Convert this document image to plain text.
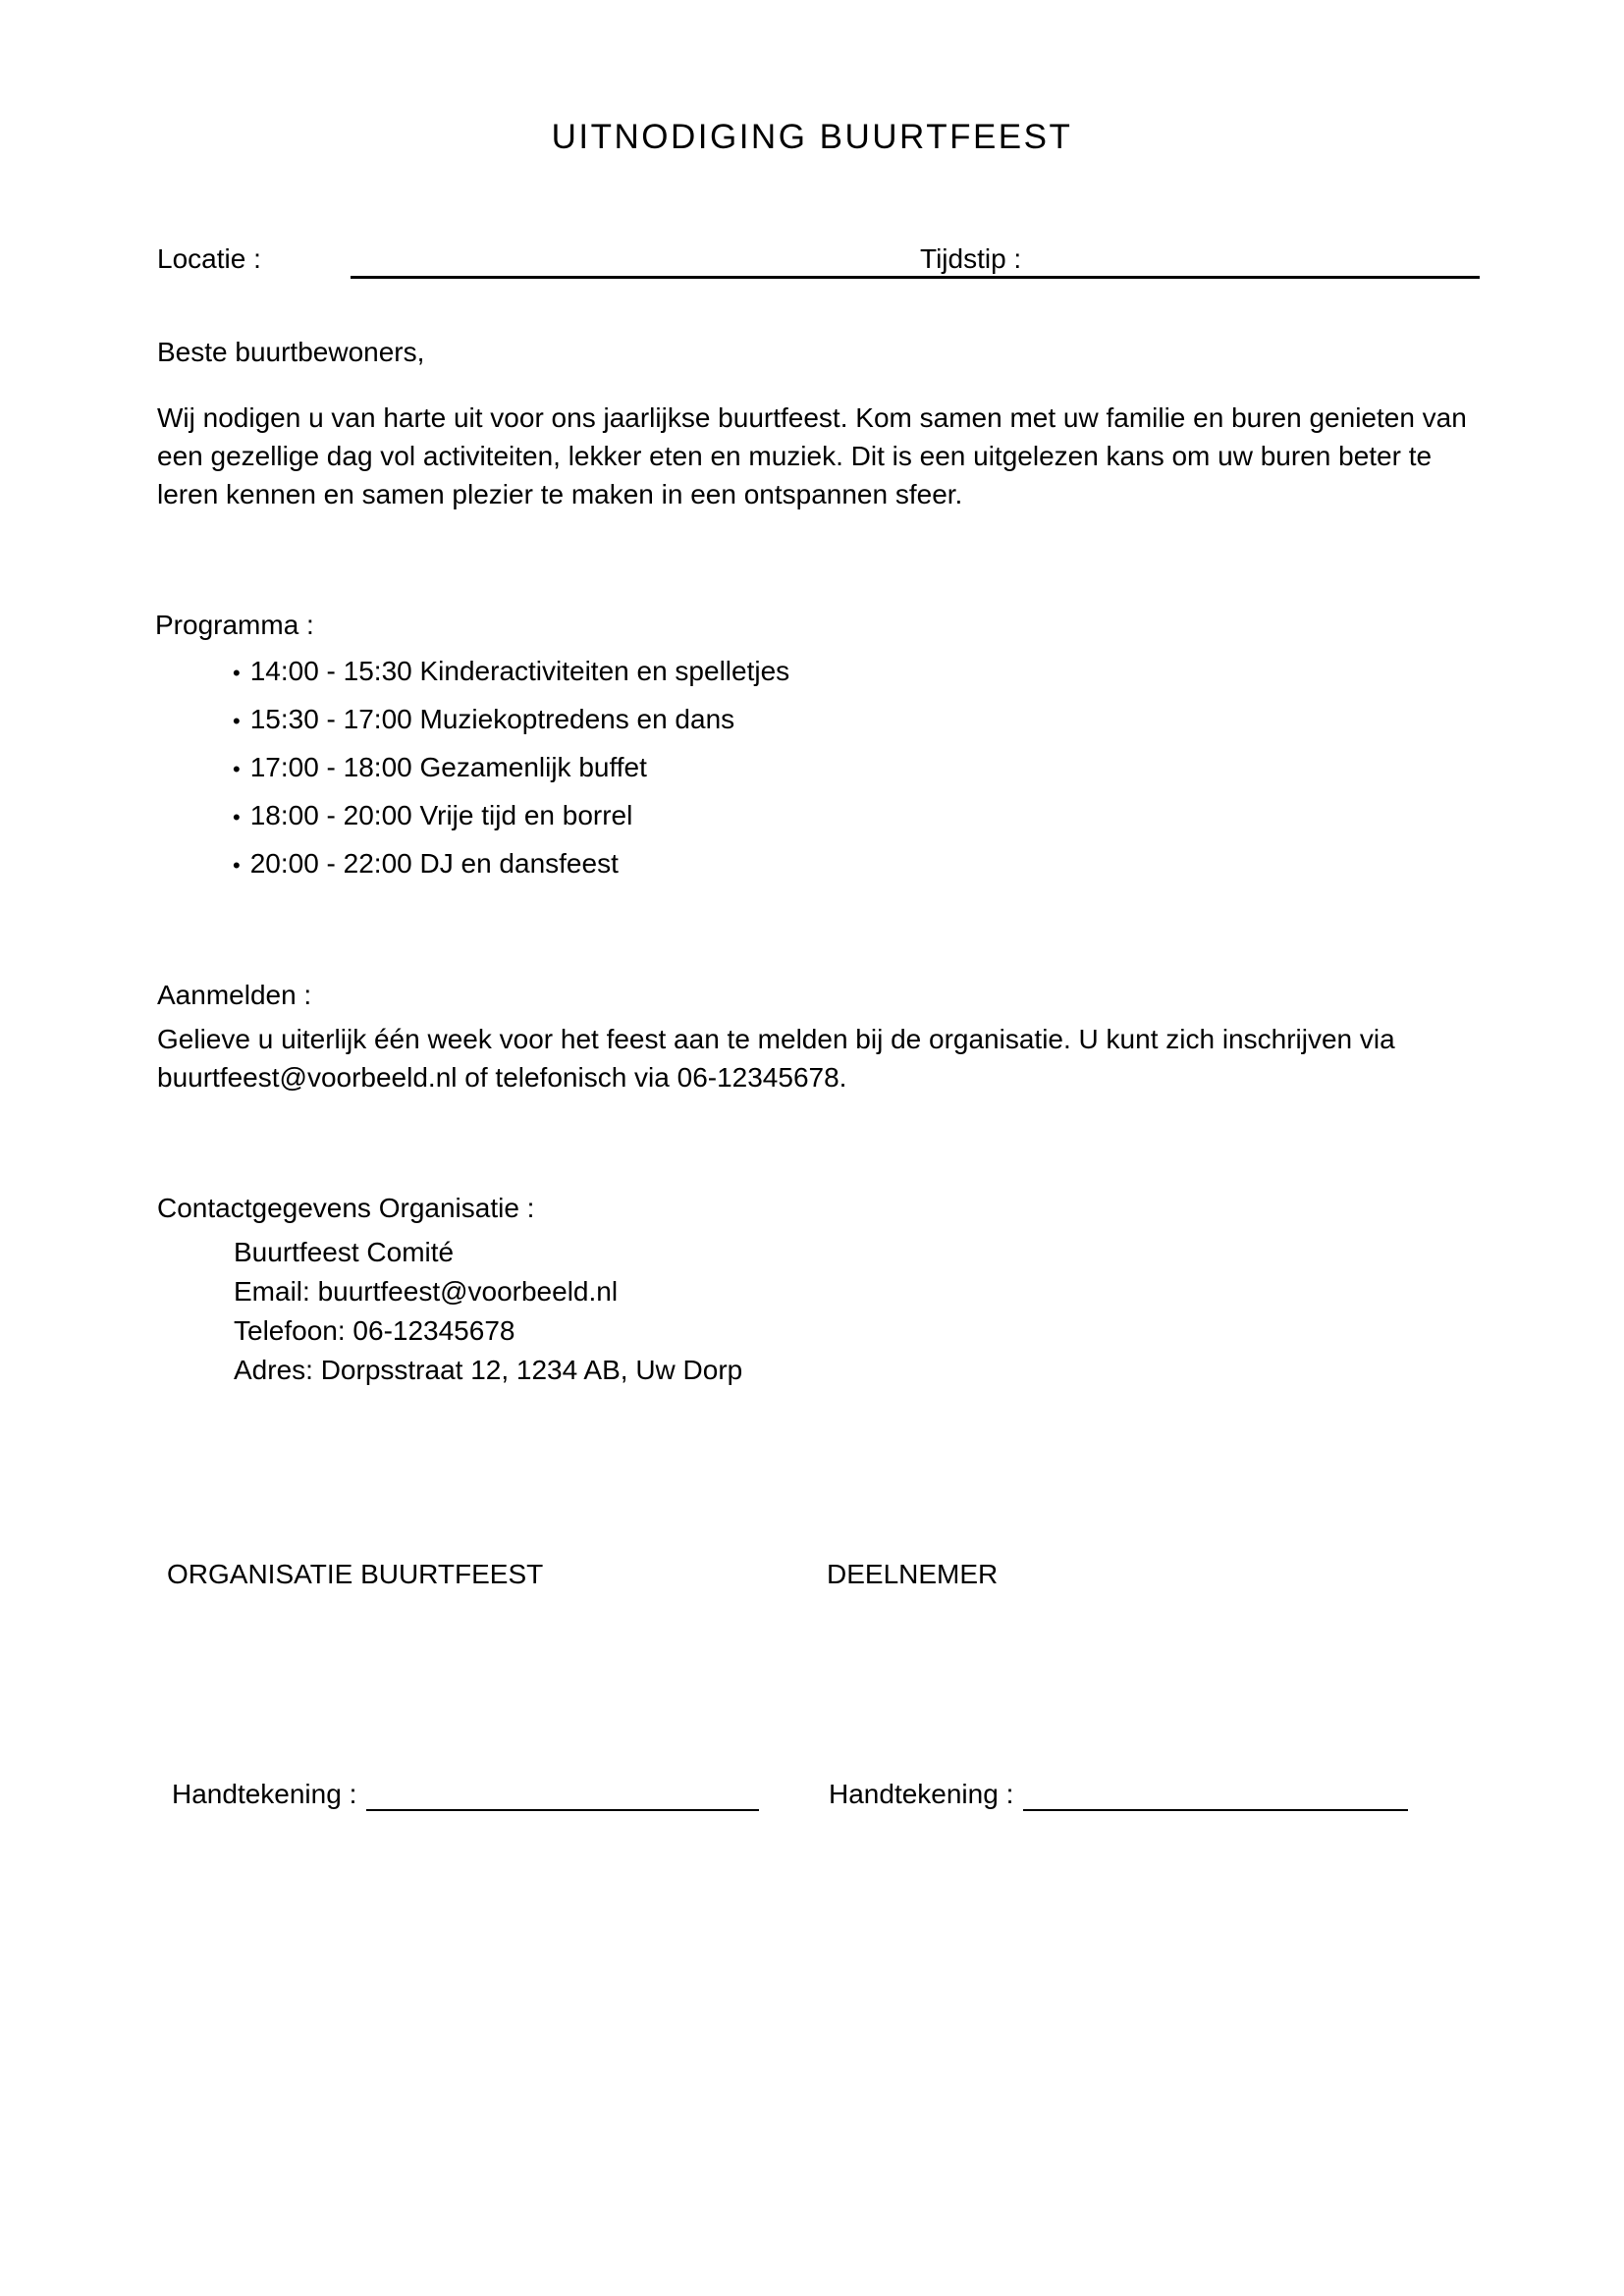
UITNODIGING BUURTFEEST
Locatie :	Tijdstip :
Beste buurtbewoners,

Wij nodigen u van harte uit voor ons jaarlijkse buurtfeest. Kom samen met uw familie en buren genieten van een gezellige dag vol activiteiten, lekker eten en muziek. Dit is een uitgelezen kans om uw buren beter te leren kennen en samen plezier te maken in een ontspannen sfeer.

Programma :
• 14:00 - 15:30 Kinderactiviteiten en spelletjes
• 15:30 - 17:00 Muziekoptredens en dans
• 17:00 - 18:00 Gezamenlijk buffet
• 18:00 - 20:00 Vrije tijd en borrel
• 20:00 - 22:00 DJ en dansfeest
Aanmelden :

Gelieve u uiterlijk één week voor het feest aan te melden bij de organisatie. U kunt zich inschrijven via buurtfeest@voorbeeld.nl of telefonisch via 06-12345678.

Contactgegevens Organisatie :
Buurtfeest Comité
Email: buurtfeest@voorbeeld.nl
Telefoon: 06-12345678
Adres: Dorpsstraat 12, 1234 AB, Uw Dorp
ORGANISATIE BUURTFEEST	DEELNEMER
Handtekening :	Handtekening :
